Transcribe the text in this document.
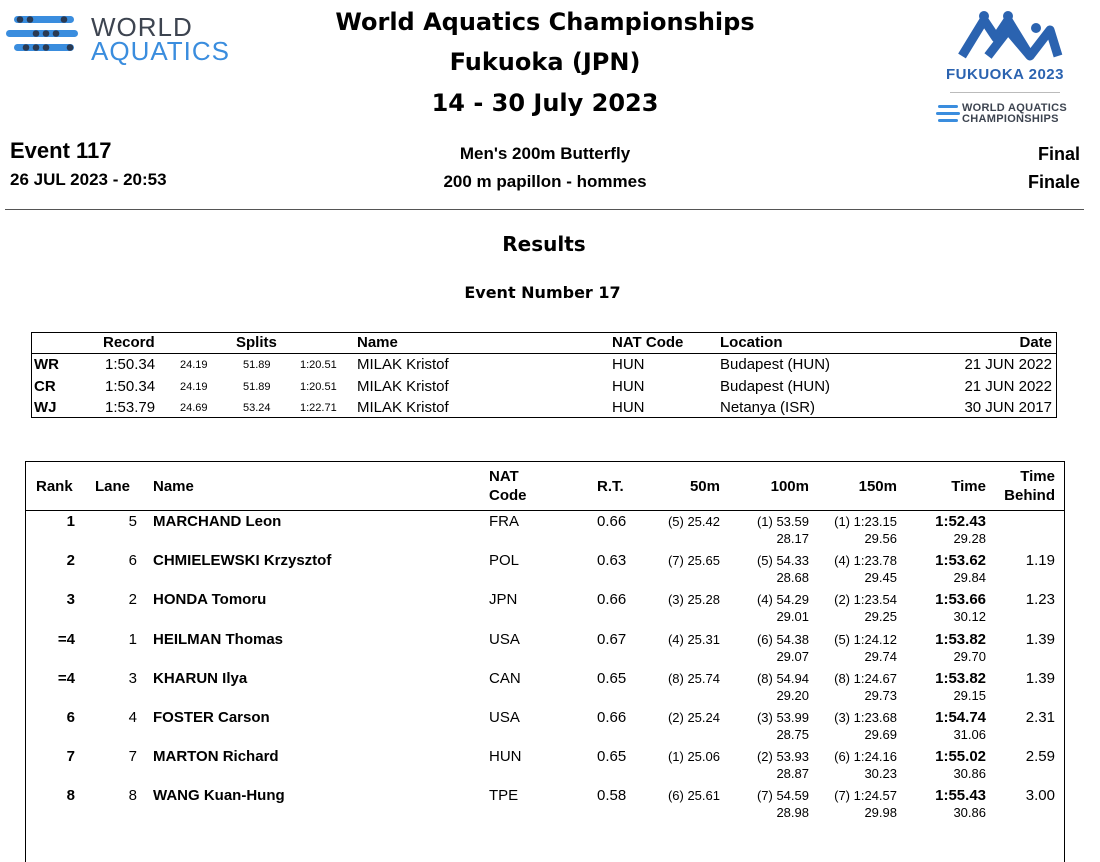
WORLD
AQUATICS
World Aquatics Championships
Fukuoka (JPN)
14 - 30 July 2023
FUKUOKA 2023
WORLD AQUATICS
CHAMPIONSHIPS
Event 117
26 JUL 2023 - 20:53
Men's 200m Butterfly
200 m papillon - hommes
Final
Finale
Results
Event Number 17
Record	Splits	Name	NAT Code Location	Date
WR	1:50.34 24.19	51.89	1:20.51 MILAK Kristof	HUN	Budapest (HUN)	21 JUN 2022
CR	1:50.34 24.19	51.89	1:20.51 MILAK Kristof	HUN	Budapest (HUN)	21 JUN 2022
WJ	1:53.79 24.69	53.24	1:22.71 MILAK Kristof	HUN	Netanya (ISR)	30 JUN 2017
Rank Lane Name
NAT
Code
R.T.	50m	100m	150m	Time
Time
Behind
1	5 MARCHAND Leon	FRA	0.66	(5) 25.42	(1) 53.59 (1) 1:23.15	1:52.43
28.17	29.56	29.28
2	6 CHMIELEWSKI Krzysztof	POL	0.63	(7) 25.65	(5) 54.33 (4) 1:23.78	1:53.62	1.19
28.68	29.45	29.84
3	2 HONDA Tomoru	JPN	0.66	(3) 25.28	(4) 54.29 (2) 1:23.54	1:53.66	1.23
29.01	29.25	30.12
=4	1 HEILMAN Thomas	USA	0.67	(4) 25.31	(6) 54.38 (5) 1:24.12	1:53.82	1.39
29.07	29.74	29.70
=4	3 KHARUN Ilya	CAN	0.65	(8) 25.74	(8) 54.94 (8) 1:24.67	1:53.82	1.39
29.20	29.73	29.15
6	4 FOSTER Carson	USA	0.66	(2) 25.24	(3) 53.99 (3) 1:23.68	1:54.74	2.31
28.75	29.69	31.06
7	7 MARTON Richard	HUN	0.65	(1) 25.06	(2) 53.93 (6) 1:24.16	1:55.02	2.59
28.87	30.23	30.86
8	8 WANG Kuan-Hung	TPE	0.58	(6) 25.61	(7) 54.59 (7) 1:24.57	1:55.43	3.00
28.98	29.98	30.86
